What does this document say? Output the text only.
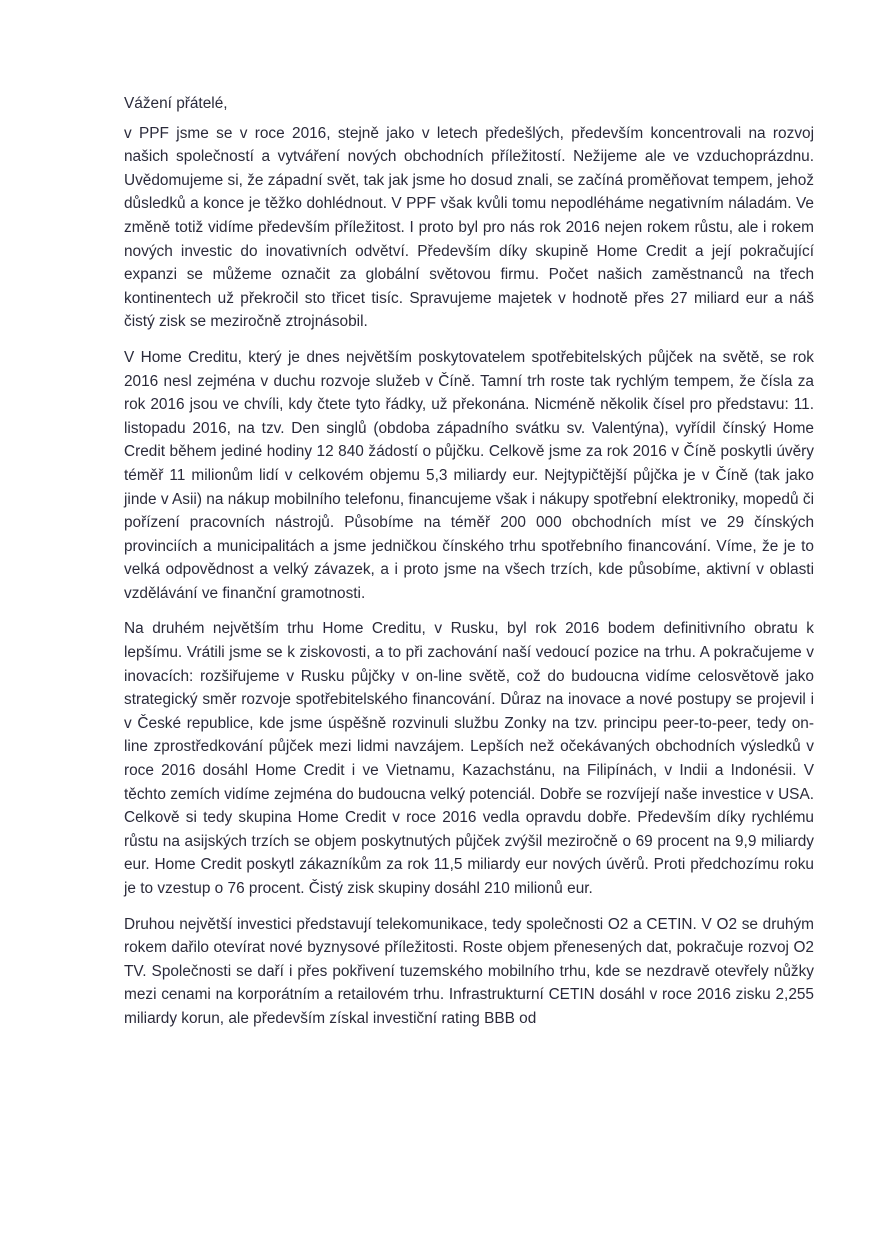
Vážení přátelé,

v PPF jsme se v roce 2016, stejně jako v letech předešlých, především koncentrovali na rozvoj našich společností a vytváření nových obchodních příležitostí. Nežijeme ale ve vzduchoprázdnu. Uvědomujeme si, že západní svět, tak jak jsme ho dosud znali, se začíná proměňovat tempem, jehož důsledků a konce je těžko dohlédnout. V PPF však kvůli tomu nepodléháme negativním náladám. Ve změně totiž vidíme především příležitost. I proto byl pro nás rok 2016 nejen rokem růstu, ale i rokem nových investic do inovativních odvětví. Především díky skupině Home Credit a její pokračující expanzi se můžeme označit za globální světovou firmu. Počet našich zaměstnanců na třech kontinentech už překročil sto třicet tisíc. Spravujeme majetek v hodnotě přes 27 miliard eur a náš čistý zisk se meziročně ztrojnásobil.

V Home Creditu, který je dnes největším poskytovatelem spotřebitelských půjček na světě, se rok 2016 nesl zejména v duchu rozvoje služeb v Číně. Tamní trh roste tak rychlým tempem, že čísla za rok 2016 jsou ve chvíli, kdy čtete tyto řádky, už překonána. Nicméně několik čísel pro představu: 11. listopadu 2016, na tzv. Den singlů (obdoba západního svátku sv. Valentýna), vyřídil čínský Home Credit během jediné hodiny 12 840 žádostí o půjčku. Celkově jsme za rok 2016 v Číně poskytli úvěry téměř 11 milionům lidí v celkovém objemu 5,3 miliardy eur. Nejtypičtější půjčka je v Číně (tak jako jinde v Asii) na nákup mobilního telefonu, financujeme však i nákupy spotřební elektroniky, mopedů či pořízení pracovních nástrojů. Působíme na téměř 200 000 obchodních míst ve 29 čínských provinciích a municipalitách a jsme jedničkou čínského trhu spotřebního financování. Víme, že je to velká odpovědnost a velký závazek, a i proto jsme na všech trzích, kde působíme, aktivní v oblasti vzdělávání ve finanční gramotnosti.

Na druhém největším trhu Home Creditu, v Rusku, byl rok 2016 bodem definitivního obratu k lepšímu. Vrátili jsme se k ziskovosti, a to při zachování naší vedoucí pozice na trhu. A pokračujeme v inovacích: rozšiřujeme v Rusku půjčky v on-line světě, což do budoucna vidíme celosvětově jako strategický směr rozvoje spotřebitelského financování. Důraz na inovace a nové postupy se projevil i v České republice, kde jsme úspěšně rozvinuli službu Zonky na tzv. principu peer-to-peer, tedy on-line zprostředkování půjček mezi lidmi navzájem. Lepších než očekávaných obchodních výsledků v roce 2016 dosáhl Home Credit i ve Vietnamu, Kazachstánu, na Filipínách, v Indii a Indonésii. V těchto zemích vidíme zejména do budoucna velký potenciál. Dobře se rozvíjejí naše investice v USA. Celkově si tedy skupina Home Credit v roce 2016 vedla opravdu dobře. Především díky rychlému růstu na asijských trzích se objem poskytnutých půjček zvýšil meziročně o 69 procent na 9,9 miliardy eur. Home Credit poskytl zákazníkům za rok 11,5 miliardy eur nových úvěrů. Proti předchozímu roku je to vzestup o 76 procent. Čistý zisk skupiny dosáhl 210 milionů eur.

Druhou největší investici představují telekomunikace, tedy společnosti O2 a CETIN. V O2 se druhým rokem dařilo otevírat nové byznysové příležitosti. Roste objem přenesených dat, pokračuje rozvoj O2 TV. Společnosti se daří i přes pokřivení tuzemského mobilního trhu, kde se nezdravě otevřely nůžky mezi cenami na korporátním a retailovém trhu. Infrastrukturní CETIN dosáhl v roce 2016 zisku 2,255 miliardy korun, ale především získal investiční rating BBB od
